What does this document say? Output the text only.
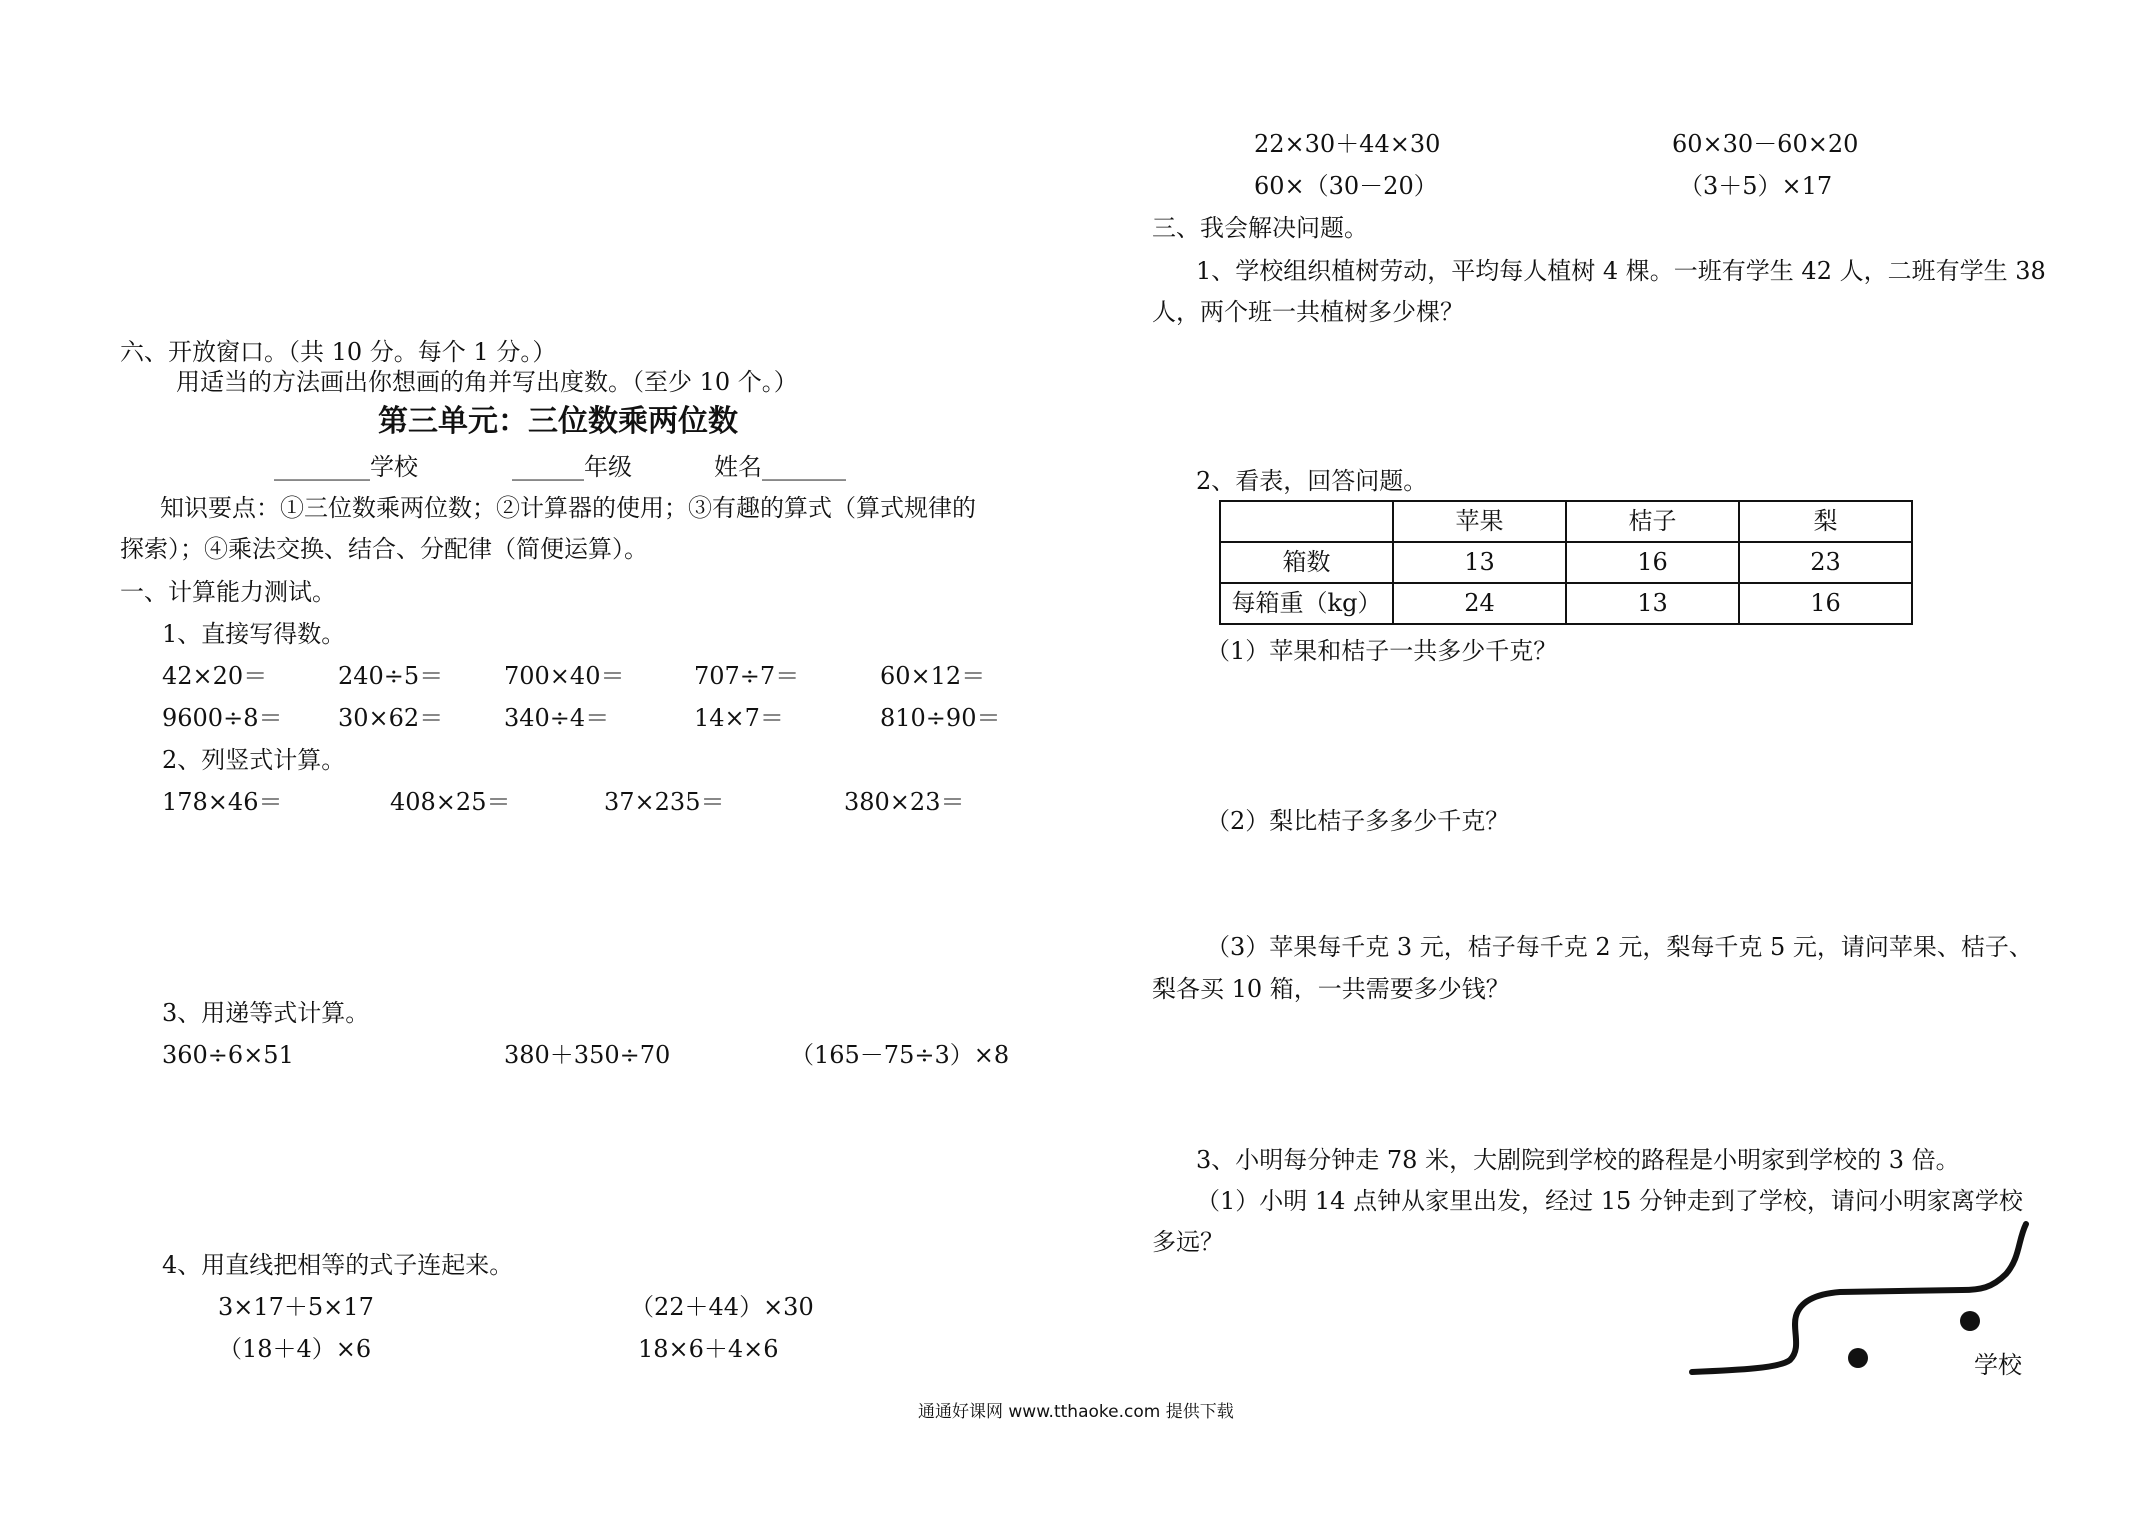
22×30＋44×30	60×30－60×20
60×（30－20）	（3＋5）×17
六、开放窗口。（共 10 分。每个 1 分。）
用适当的方法画出你想画的角并写出度数。（至少 10 个。）
第三单元：三位数乘两位数
________学校	______年级	姓名_______
知识要点：①三位数乘两位数；②计算器的使用；③有趣的算式（算式规律的
探索）；④乘法交换、结合、分配律（简便运算）。
一、计算能力测试。
1、直接写得数。
42×20＝	240÷5＝	700×40＝	707÷7＝	60×12＝
9600÷8＝ 30×62＝	340÷4＝	14×7＝	810÷90＝
2、列竖式计算。
178×46＝	408×25＝	37×235＝	380×23＝
3、用递等式计算。
360÷6×51	380＋350÷70	（165－75÷3）×8
4、用直线把相等的式子连起来。
3×17＋5×17	（22＋44）×30
（18＋4）×6	18×6＋4×6
三、我会解决问题。
1、学校组织植树劳动，平均每人植树 4 棵。一班有学生 42 人，二班有学生 38
人，两个班一共植树多少棵？
2、看表，回答问题。
	苹果	桔子	梨
箱数	13	16	23
每箱重（kg）	24	13	16
（1）苹果和桔子一共多少千克？
（2）梨比桔子多多少千克？
（3）苹果每千克 3 元，桔子每千克 2 元，梨每千克 5 元，请问苹果、桔子、
梨各买 10 箱，一共需要多少钱？
3、小明每分钟走 78 米，大剧院到学校的路程是小明家到学校的 3 倍。
（1）小明 14 点钟从家里出发，经过 15 分钟走到了学校，请问小明家离学校
多远？
学校
通通好课网 www.tthaoke.com 提供下载
